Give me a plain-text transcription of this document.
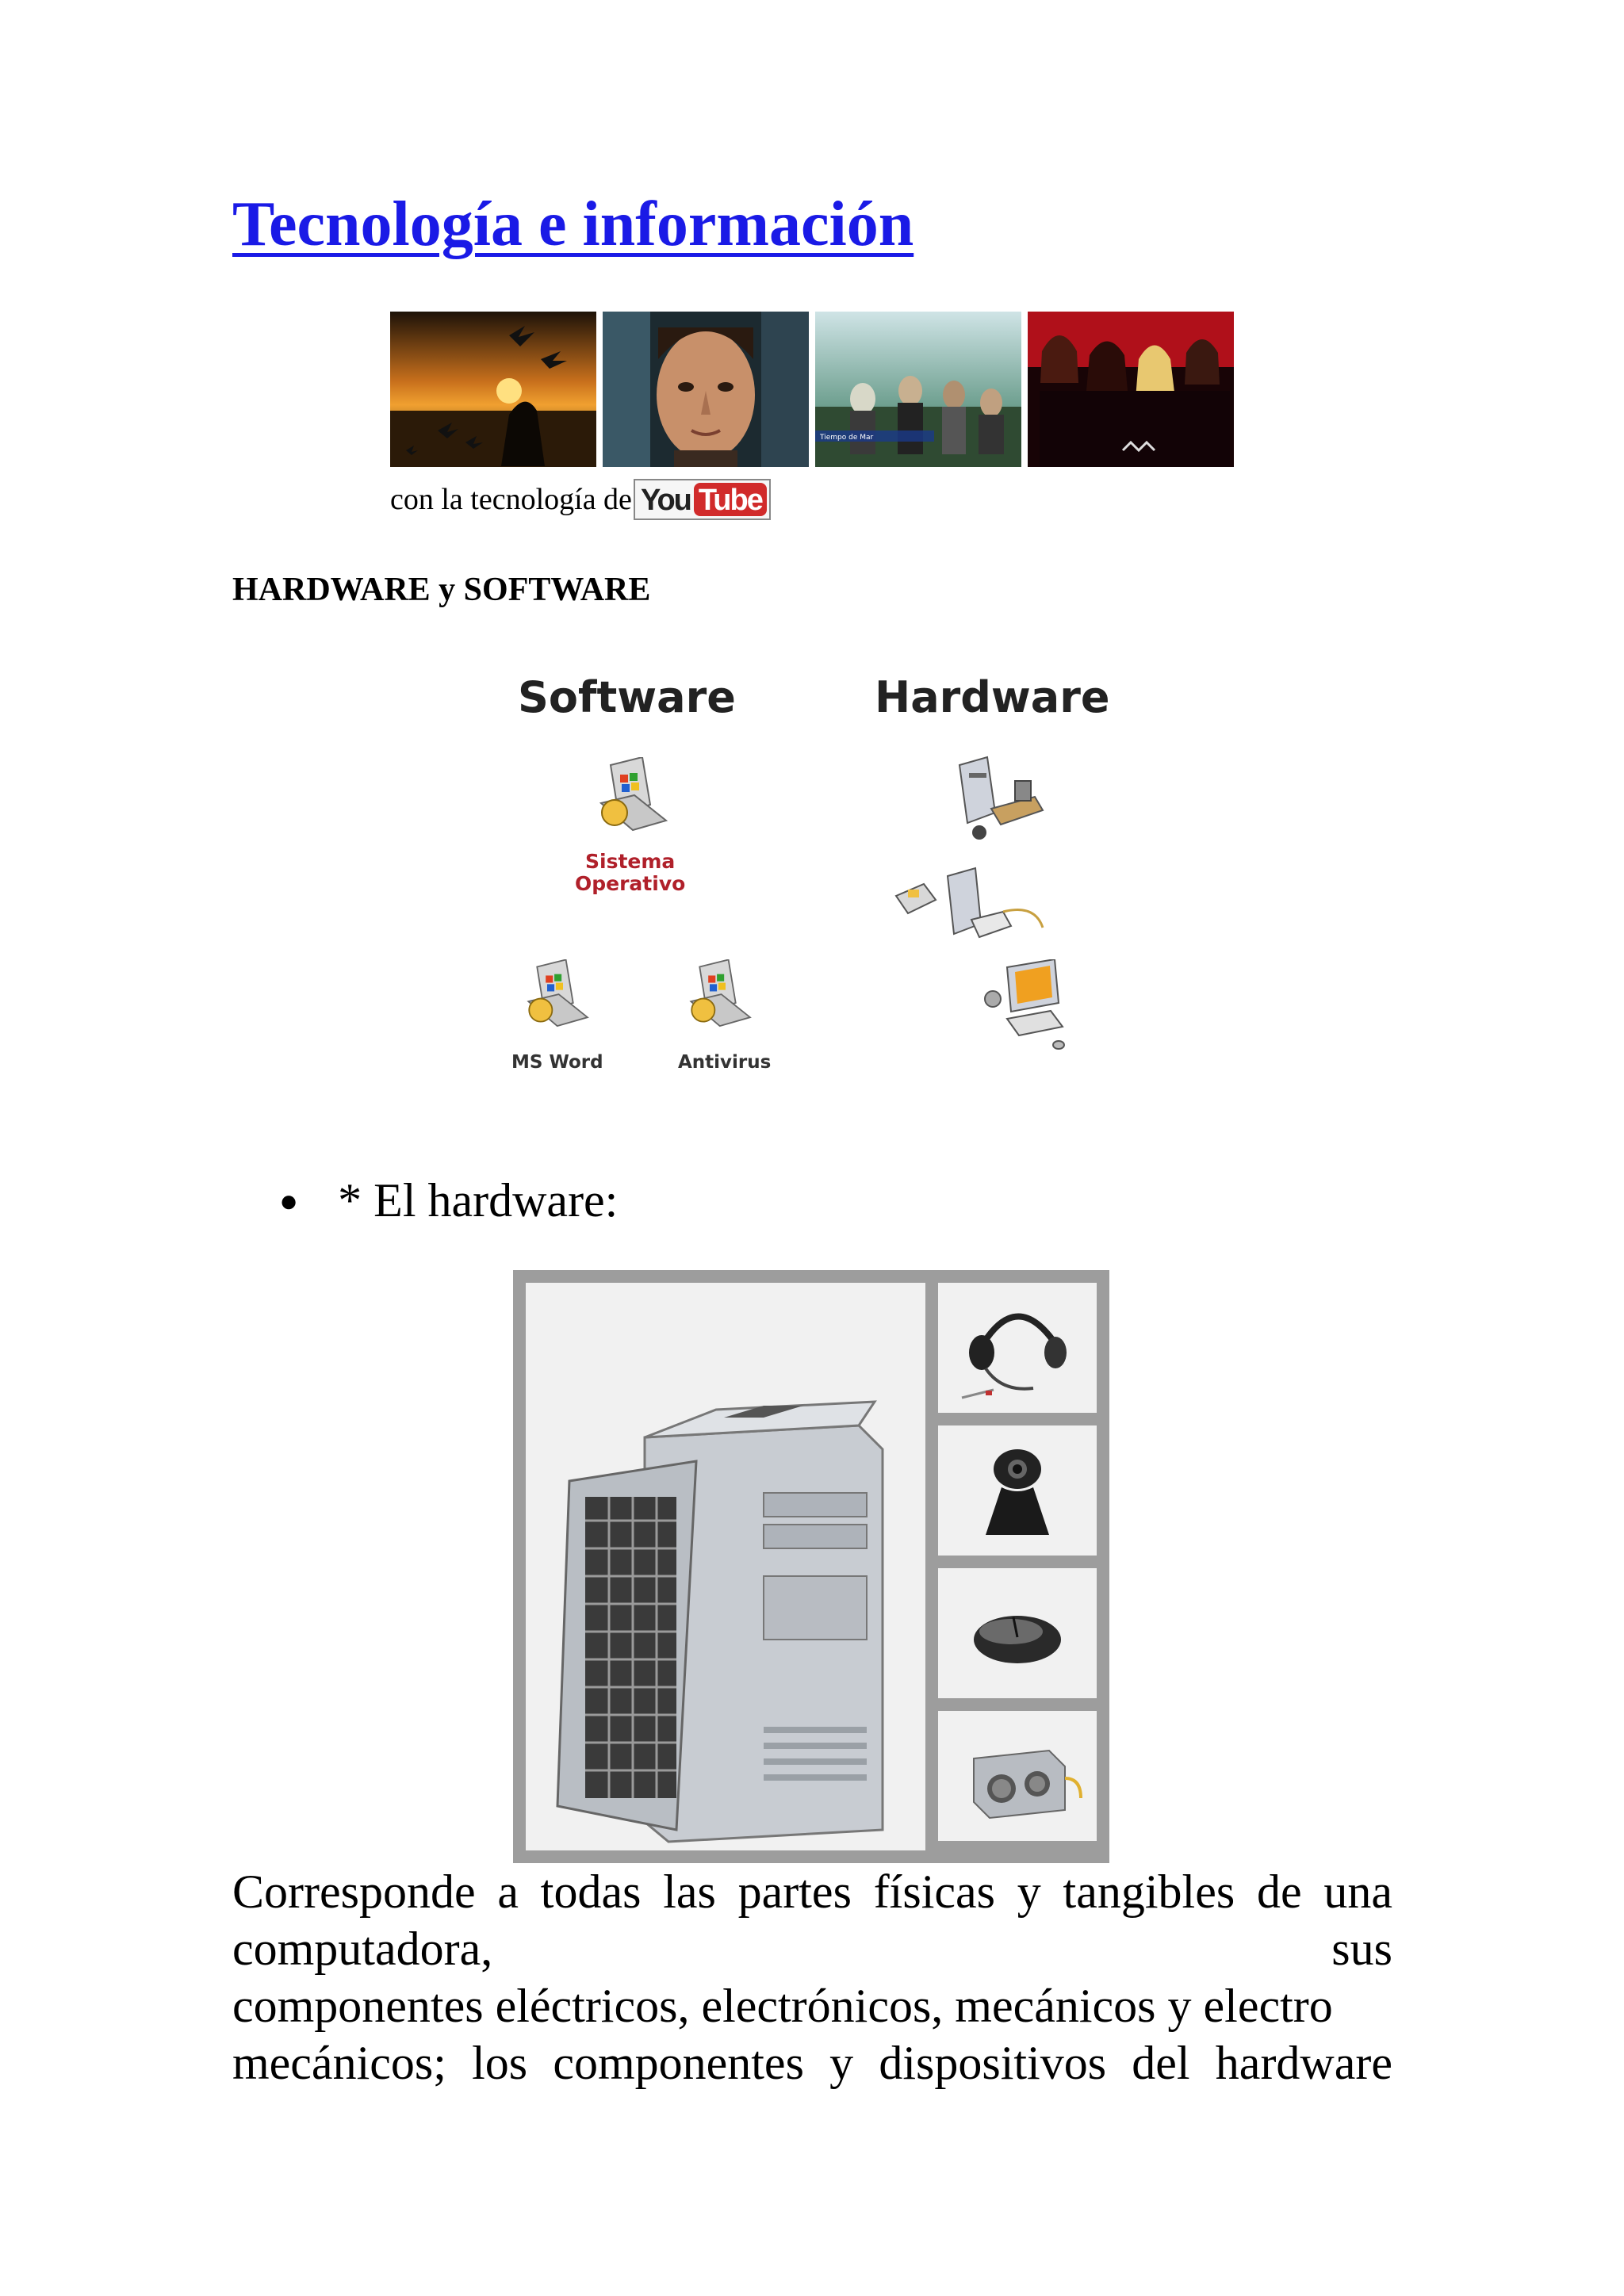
Tecnología e información
Tiempo de Mar
con la tecnología de You Tube
HARDWARE y SOFTWARE
Software	Hardware
Sistema
Operativo
MS Word	Antivirus
● * El hardware:
Corresponde a todas las partes físicas y tangibles de una
computadora, sus
componentes eléctricos, electrónicos, mecánicos y electro
mecánicos; los componentes y dispositivos del hardware
